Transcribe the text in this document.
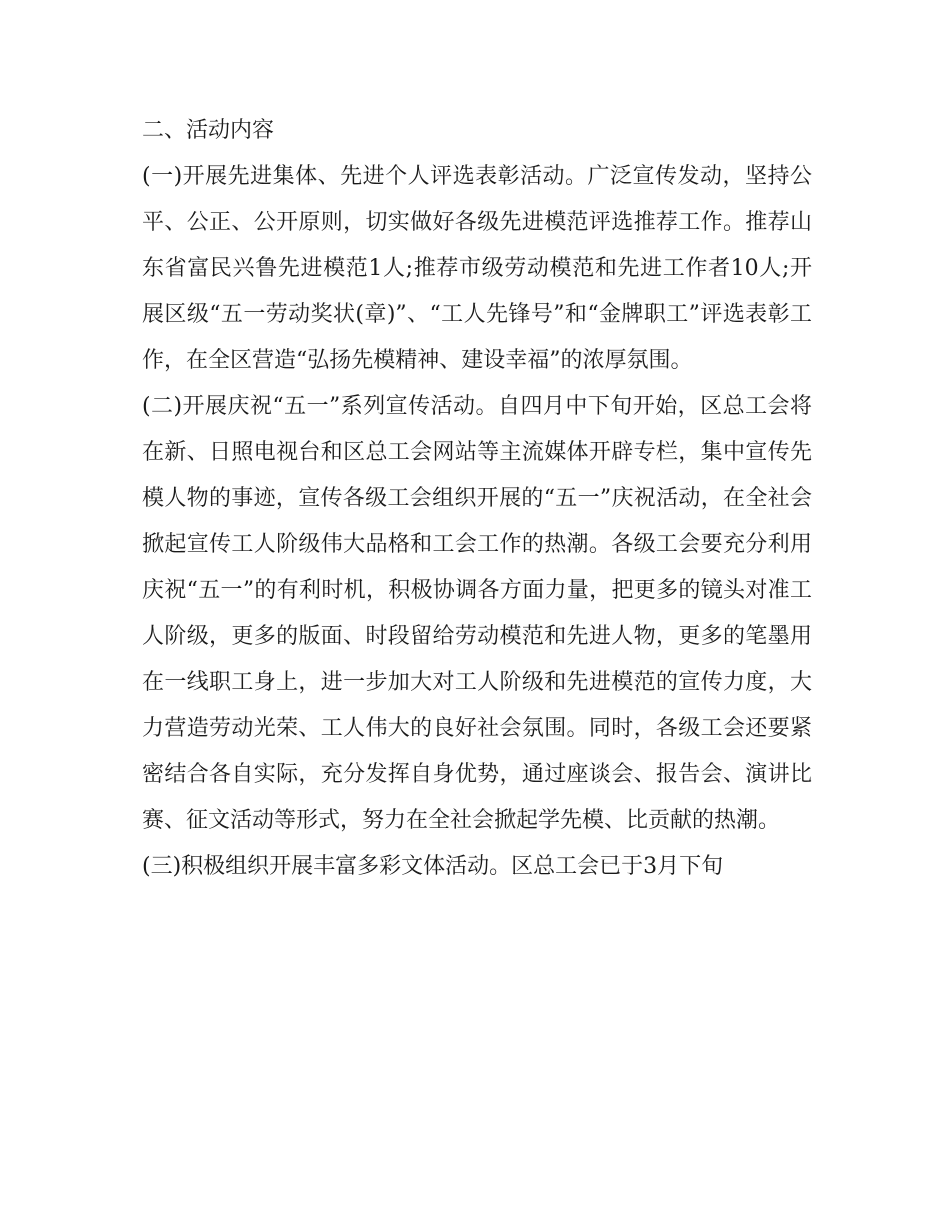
二、活动内容

(一)开展先进集体、先进个人评选表彰活动。广泛宣传发动，坚持公平、公正、公开原则，切实做好各级先进模范评选推荐工作。推荐山东省富民兴鲁先进模范1人;推荐市级劳动模范和先进工作者10人;开展区级“五一劳动奖状(章)”、“工人先锋号”和“金牌职工”评选表彰工作，在全区营造“弘扬先模精神、建设幸福”的浓厚氛围。

(二)开展庆祝“五一”系列宣传活动。自四月中下旬开始，区总工会将在新、日照电视台和区总工会网站等主流媒体开辟专栏，集中宣传先模人物的事迹，宣传各级工会组织开展的“五一”庆祝活动，在全社会掀起宣传工人阶级伟大品格和工会工作的热潮。各级工会要充分利用庆祝“五一”的有利时机，积极协调各方面力量，把更多的镜头对准工人阶级，更多的版面、时段留给劳动模范和先进人物，更多的笔墨用在一线职工身上，进一步加大对工人阶级和先进模范的宣传力度，大力营造劳动光荣、工人伟大的良好社会氛围。同时，各级工会还要紧密结合各自实际，充分发挥自身优势，通过座谈会、报告会、演讲比赛、征文活动等形式，努力在全社会掀起学先模、比贡献的热潮。

(三)积极组织开展丰富多彩文体活动。区总工会已于3月下旬
